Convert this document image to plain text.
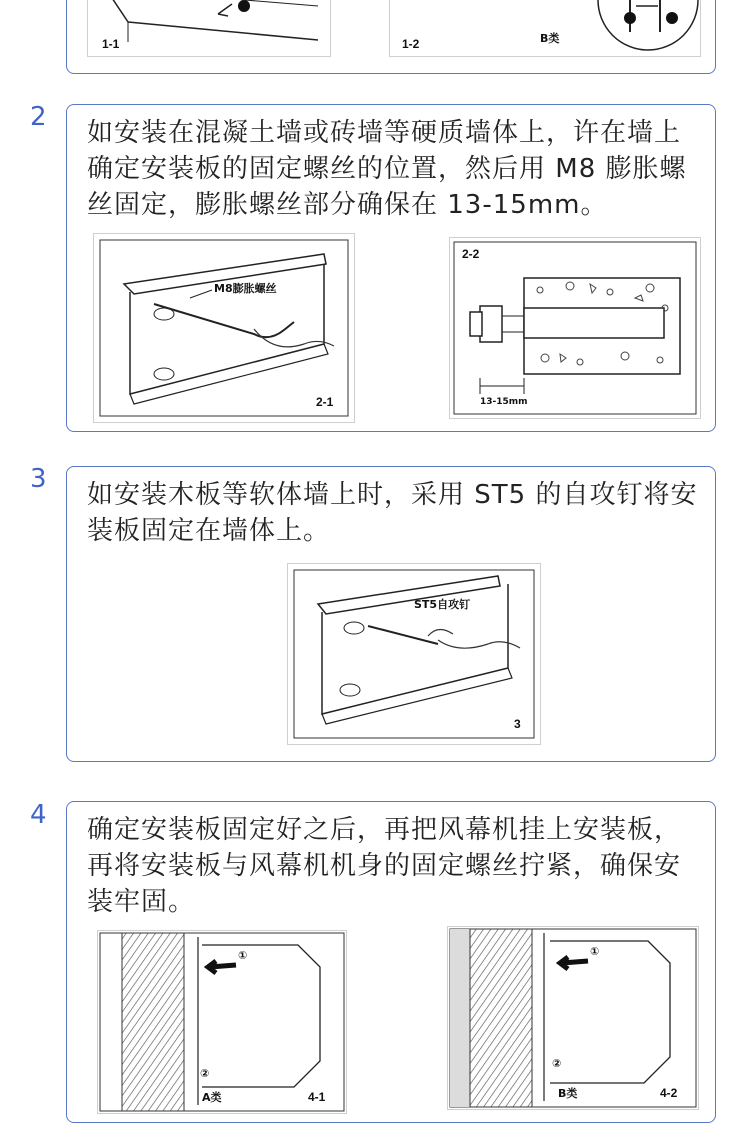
1-1	1-2	B类
2
如安装在混凝土墙或砖墙等硬质墙体上，许在墙上确定安装板的固定螺丝的位置，然后用 M8 膨胀螺丝固定，膨胀螺丝部分确保在 13-15mm。
M8膨胀螺丝
2-1
2-2
13-15mm
3
如安装木板等软体墙上时，采用 ST5 的自攻钉将安装板固定在墙体上。
ST5自攻钉
3
4 确定安装板固定好之后，再把风幕机挂上安装板，再将安装板与风幕机机身的固定螺丝拧紧，确保安装牢固。
①
②
A类	4-1
①
②
B类	4-2
